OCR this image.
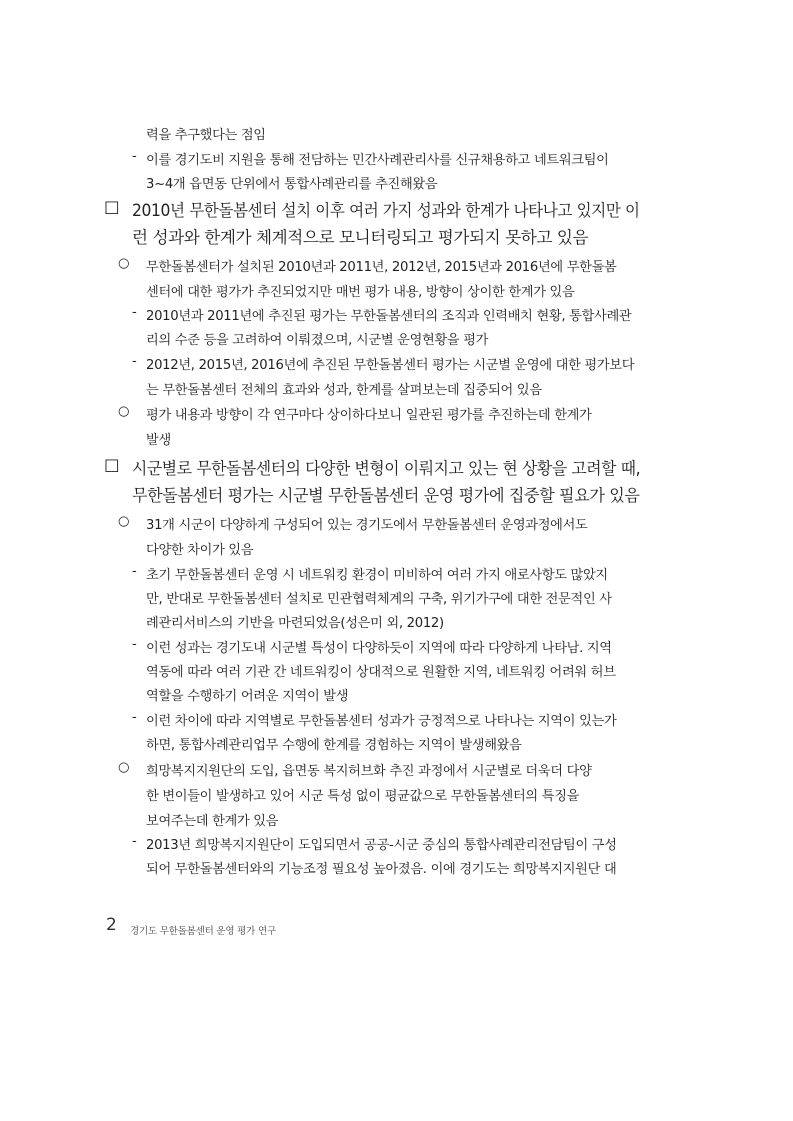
력을 추구했다는 점임
- 이를 경기도비 지원을 통해 전담하는 민간사례관리사를 신규채용하고 네트워크팀이
3~4개 읍면동 단위에서 통합사례관리를 추진해왔음
□ 2010년 무한돌봄센터 설치 이후 여러 가지 성과와 한계가 나타나고 있지만 이
런 성과와 한계가 체계적으로 모니터링되고 평가되지 못하고 있음
○ 무한돌봄센터가 설치된 2010년과 2011년, 2012년, 2015년과 2016년에 무한돌봄
센터에 대한 평가가 추진되었지만 매번 평가 내용, 방향이 상이한 한계가 있음
- 2010년과 2011년에 추진된 평가는 무한돌봄센터의 조직과 인력배치 현황, 통합사례관
리의 수준 등을 고려하여 이뤄졌으며, 시군별 운영현황을 평가
- 2012년, 2015년, 2016년에 추진된 무한돌봄센터 평가는 시군별 운영에 대한 평가보다
는 무한돌봄센터 전체의 효과와 성과, 한계를 살펴보는데 집중되어 있음
○ 평가 내용과 방향이 각 연구마다 상이하다보니 일관된 평가를 추진하는데 한계가
발생
□ 시군별로 무한돌봄센터의 다양한 변형이 이뤄지고 있는 현 상황을 고려할 때,
무한돌봄센터 평가는 시군별 무한돌봄센터 운영 평가에 집중할 필요가 있음
○ 31개 시군이 다양하게 구성되어 있는 경기도에서 무한돌봄센터 운영과정에서도
다양한 차이가 있음
- 초기 무한돌봄센터 운영 시 네트워킹 환경이 미비하여 여러 가지 애로사항도 많았지
만, 반대로 무한돌봄센터 설치로 민관협력체계의 구축, 위기가구에 대한 전문적인 사
례관리서비스의 기반을 마련되었음(성은미 외, 2012)
- 이런 성과는 경기도내 시군별 특성이 다양하듯이 지역에 따라 다양하게 나타남. 지역
역동에 따라 여러 기관 간 네트워킹이 상대적으로 원활한 지역, 네트워킹 어려워 허브
역할을 수행하기 어려운 지역이 발생
- 이런 차이에 따라 지역별로 무한돌봄센터 성과가 긍정적으로 나타나는 지역이 있는가
하면, 통합사례관리업무 수행에 한계를 경험하는 지역이 발생해왔음
○ 희망복지지원단의 도입, 읍면동 복지허브화 추진 과정에서 시군별로 더욱더 다양
한 변이들이 발생하고 있어 시군 특성 없이 평균값으로 무한돌봄센터의 특징을
보여주는데 한계가 있음
- 2013년 희망복지지원단이 도입되면서 공공-시군 중심의 통합사례관리전담팀이 구성
되어 무한돌봄센터와의 기능조정 필요성 높아졌음. 이에 경기도는 희망복지지원단 대
2 경기도 무한돌봄센터 운영 평가 연구
